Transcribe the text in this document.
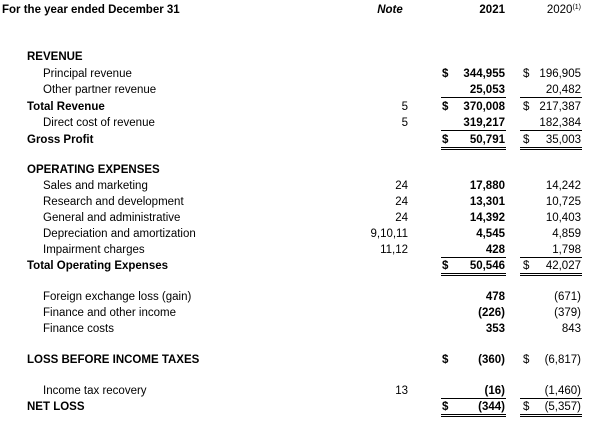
For the year ended December 31	Note	2021	2020$^{(1)}$
REVENUE
Principal revenue	$	344,955 $ 196,905
Other partner revenue	25,053	20,482
Total Revenue	5	$	370,008 $ 217,387
Direct cost of revenue	5	319,217	182,384
Gross Profit	$	50,791 $	35,003
OPERATING EXPENSES
Sales and marketing	24	17,880	14,242
Research and development	24	13,301	10,725
General and administrative	24	14,392	10,403
Depreciation and amortization	9,10,11	4,545	4,859
Impairment charges	11,12	428	1,798
Total Operating Expenses	$	50,546 $	42,027
Foreign exchange loss (gain)	478	(671)
Finance and other income	(226)	(379)
Finance costs	353	843
LOSS BEFORE INCOME TAXES	$	(360) $	(6,817)
Income tax recovery	13	(16)	(1,460)
NET LOSS	$	(344) $	(5,357)
